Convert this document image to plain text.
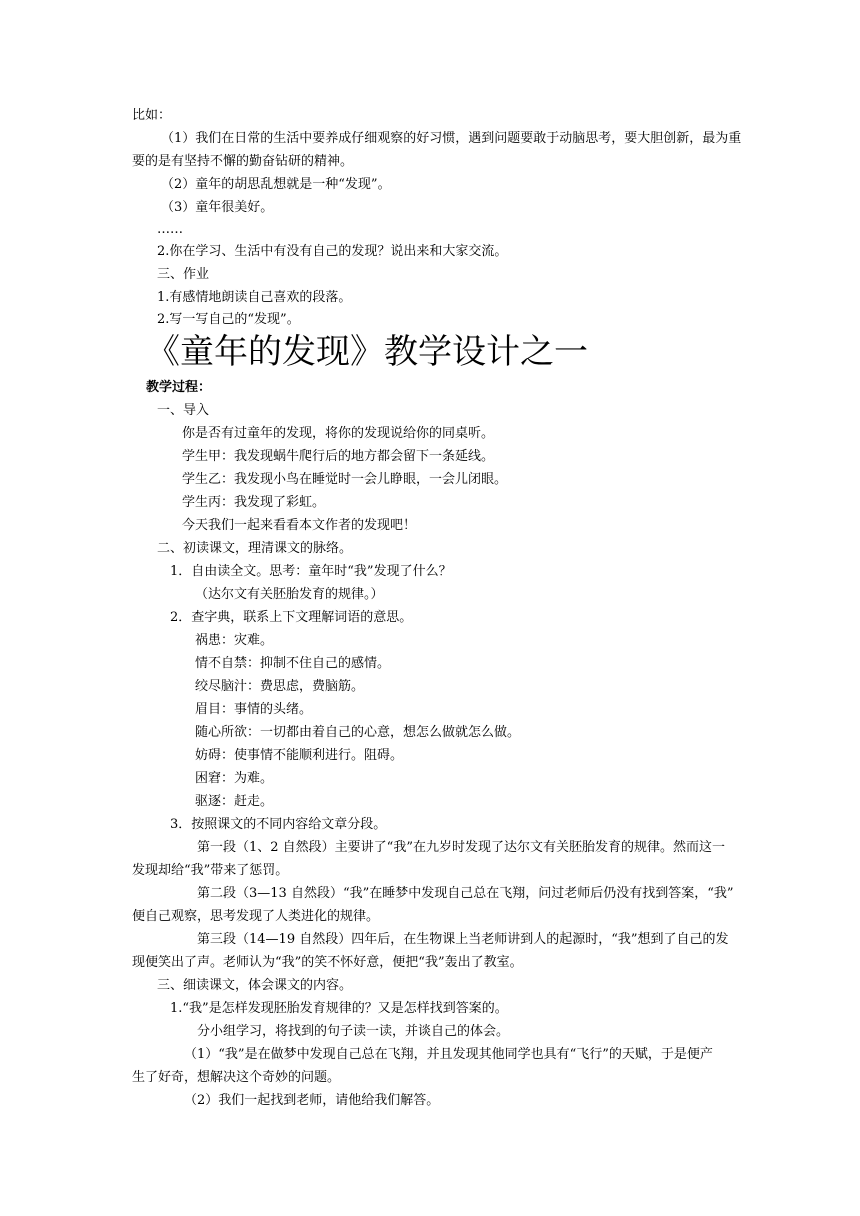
比如：
（1）我们在日常的生活中要养成仔细观察的好习惯，遇到问题要敢于动脑思考，要大胆创新，最为重
要的是有坚持不懈的勤奋钻研的精神。
（2）童年的胡思乱想就是一种“发现”。
（3）童年很美好。
……
2.你在学习、生活中有没有自己的发现？说出来和大家交流。
三、作业
1.有感情地朗读自己喜欢的段落。
2.写一写自己的“发现”。
《童年的发现》教学设计之一
教学过程：
一、导入
你是否有过童年的发现，将你的发现说给你的同桌听。
学生甲：我发现蜗牛爬行后的地方都会留下一条延线。
学生乙：我发现小鸟在睡觉时一会儿睁眼，一会儿闭眼。
学生丙：我发现了彩虹。
今天我们一起来看看本文作者的发现吧！
二、初读课文，理清课文的脉络。
1．自由读全文。思考：童年时“我”发现了什么？
（达尔文有关胚胎发育的规律。）
2．查字典，联系上下文理解词语的意思。
祸患：灾难。
情不自禁：抑制不住自己的感情。
绞尽脑汁：费思虑，费脑筋。
眉目：事情的头绪。
随心所欲：一切都由着自己的心意，想怎么做就怎么做。
妨碍：使事情不能顺利进行。阻碍。
困窘：为难。
驱逐：赶走。
3．按照课文的不同内容给文章分段。
第一段（1、2 自然段）主要讲了“我”在九岁时发现了达尔文有关胚胎发育的规律。然而这一
发现却给“我”带来了惩罚。
第二段（3—13 自然段）“我”在睡梦中发现自己总在飞翔，问过老师后仍没有找到答案，“我”
便自己观察，思考发现了人类进化的规律。
第三段（14—19 自然段）四年后，在生物课上当老师讲到人的起源时，“我”想到了自己的发
现便笑出了声。老师认为“我”的笑不怀好意，便把“我”轰出了教室。
三、细读课文，体会课文的内容。
1.“我”是怎样发现胚胎发育规律的？又是怎样找到答案的。
分小组学习，将找到的句子读一读，并谈自己的体会。
（1）“我”是在做梦中发现自己总在飞翔，并且发现其他同学也具有“飞行”的天赋，于是便产
生了好奇，想解决这个奇妙的问题。
（2）我们一起找到老师，请他给我们解答。
